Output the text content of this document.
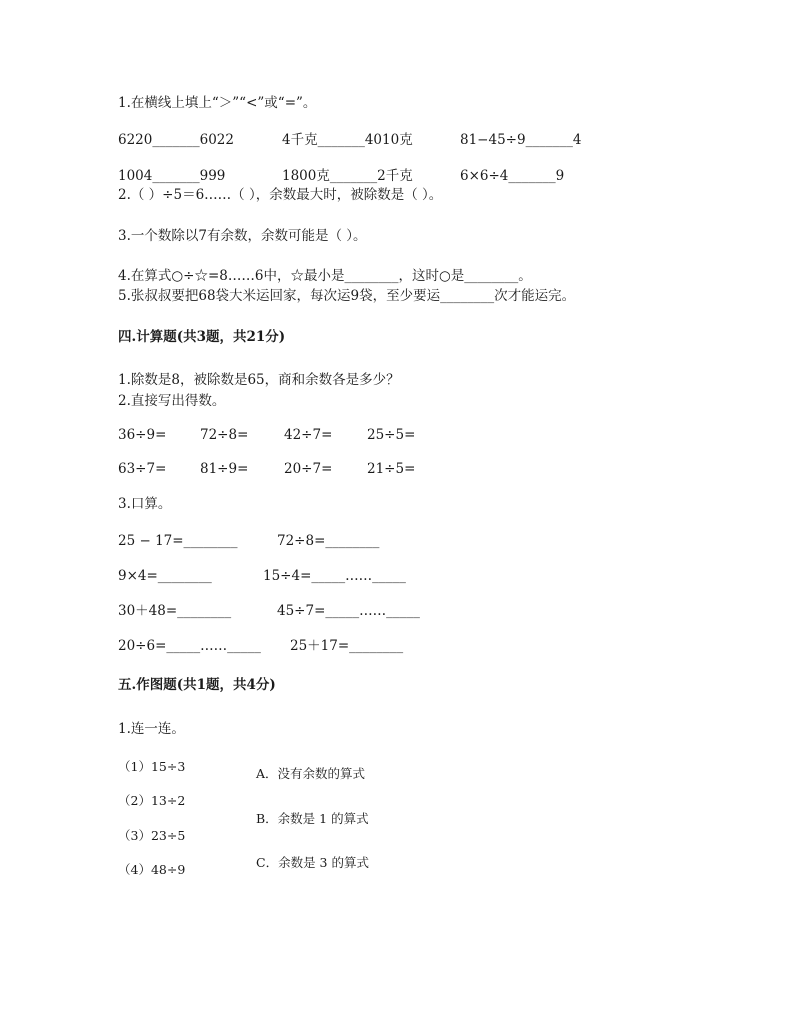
1.在横线上填上“＞”“<”或“=”。
6220_______6022	4千克_______4010克	81−45÷9_______4
1004_______999	1800克_______2千克	6×6÷4_______9
2.（ ）÷5＝6……（ ），余数最大时，被除数是（ ）。
3.一个数除以7有余数，余数可能是（ ）。
4.在算式○÷☆=8……6中，☆最小是________，这时○是________。
5.张叔叔要把68袋大米运回家，每次运9袋，至少要运________次才能运完。
四.计算题(共3题，共21分)
1.除数是8，被除数是65，商和余数各是多少？
2.直接写出得数。
36÷9= 72÷8=	42÷7=	25÷5=
63÷7= 81÷9=	20÷7=	21÷5=
3.口算。
25 − 17=________	72÷8=________
9×4=________	15÷4=_____……_____
30＋48=________	45÷7=_____……_____
20÷6=_____……_____ 25＋17=________
五.作图题(共1题，共4分)
1.连一连。
（1）15÷3
（2）13÷2
（3）23÷5
（4）48÷9
A．没有余数的算式
B．余数是 1 的算式
C．余数是 3 的算式
